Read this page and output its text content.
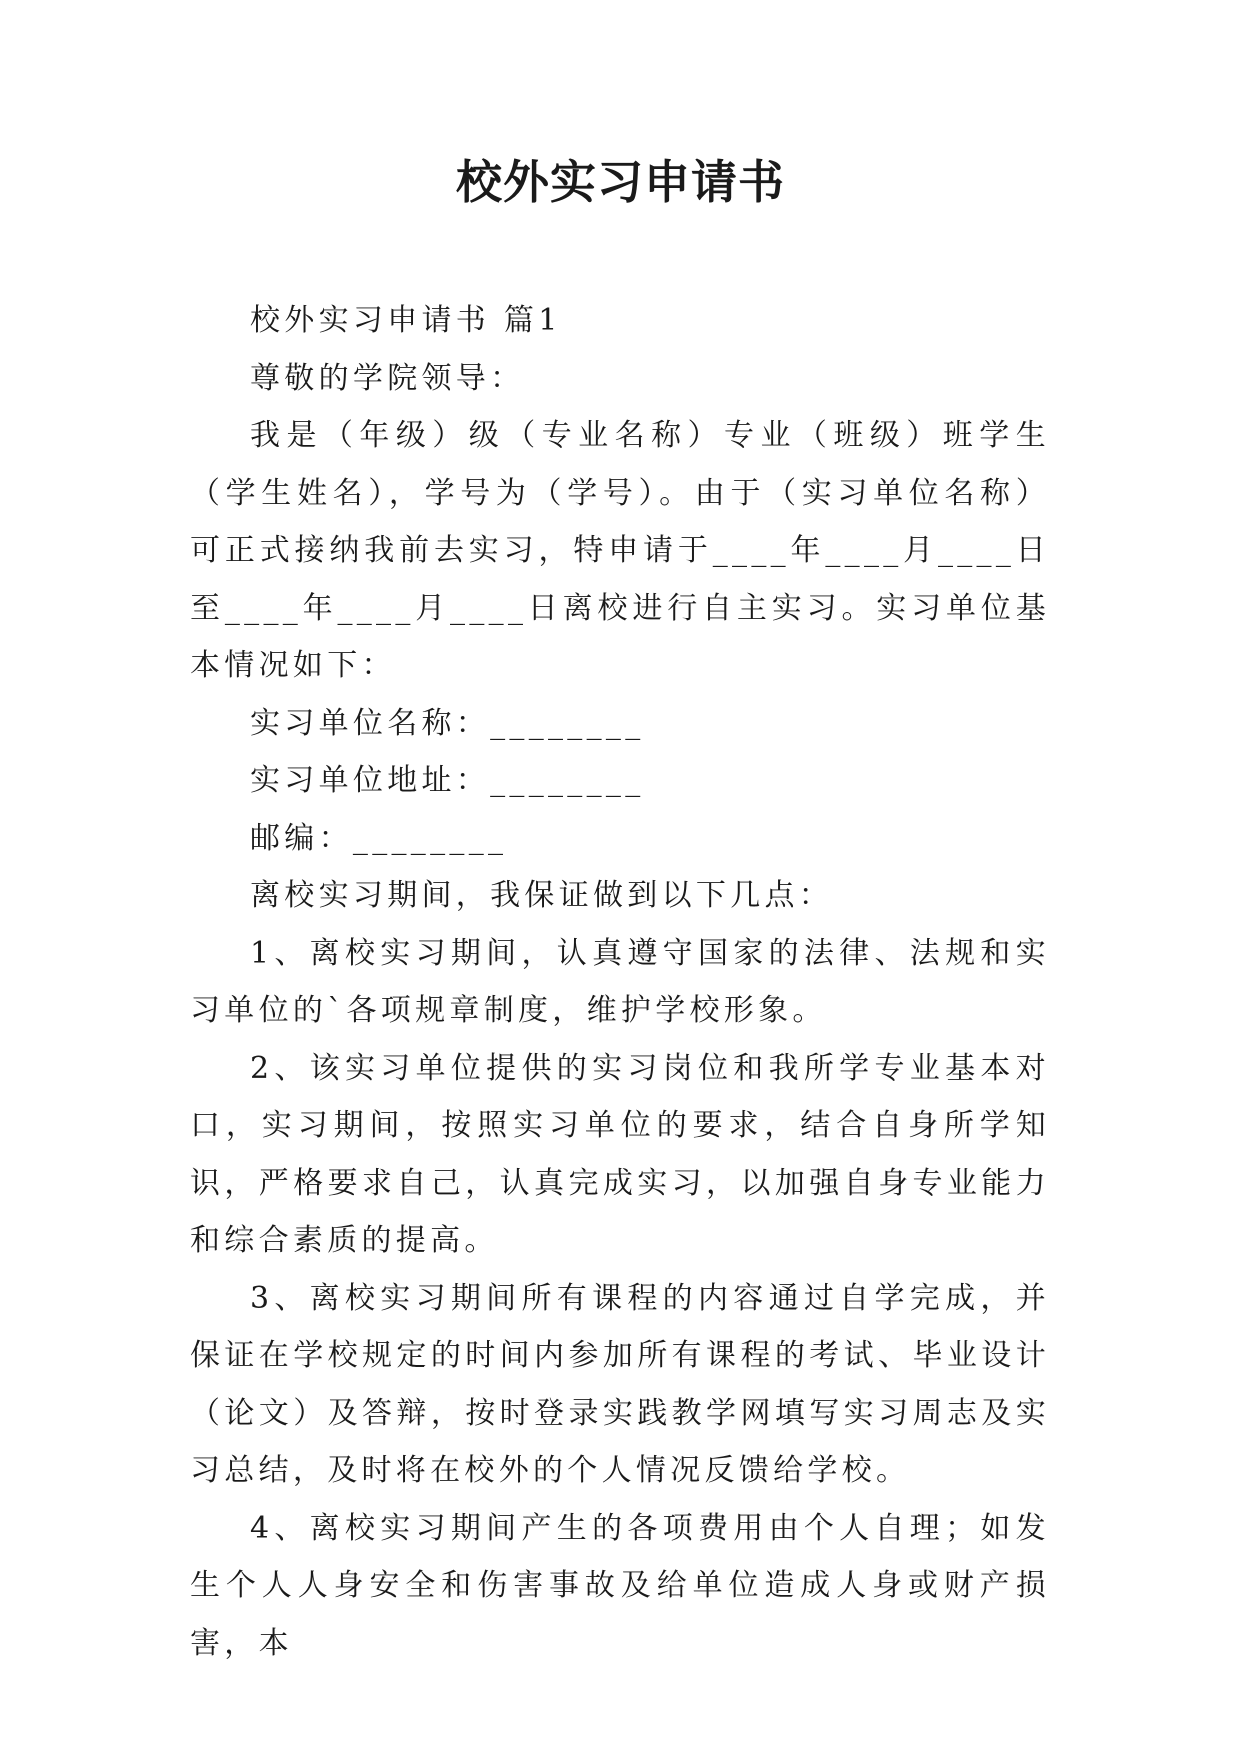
校外实习申请书

校外实习申请书 篇1

尊敬的学院领导：

我是（年级）级（专业名称）专业（班级）班学生（学生姓名），学号为（学号）。由于（实习单位名称）可正式接纳我前去实习，特申请于____年____月____日至____年____月____日离校进行自主实习。实习单位基本情况如下：

实习单位名称：________

实习单位地址：________

邮编：________

离校实习期间，我保证做到以下几点：

1、离校实习期间，认真遵守国家的法律、法规和实习单位的`各项规章制度，维护学校形象。

2、该实习单位提供的实习岗位和我所学专业基本对口，实习期间，按照实习单位的要求，结合自身所学知识，严格要求自己，认真完成实习，以加强自身专业能力和综合素质的提高。

3、离校实习期间所有课程的内容通过自学完成，并保证在学校规定的时间内参加所有课程的考试、毕业设计（论文）及答辩，按时登录实践教学网填写实习周志及实习总结，及时将在校外的个人情况反馈给学校。

4、离校实习期间产生的各项费用由个人自理；如发生个人人身安全和伤害事故及给单位造成人身或财产损害，本
